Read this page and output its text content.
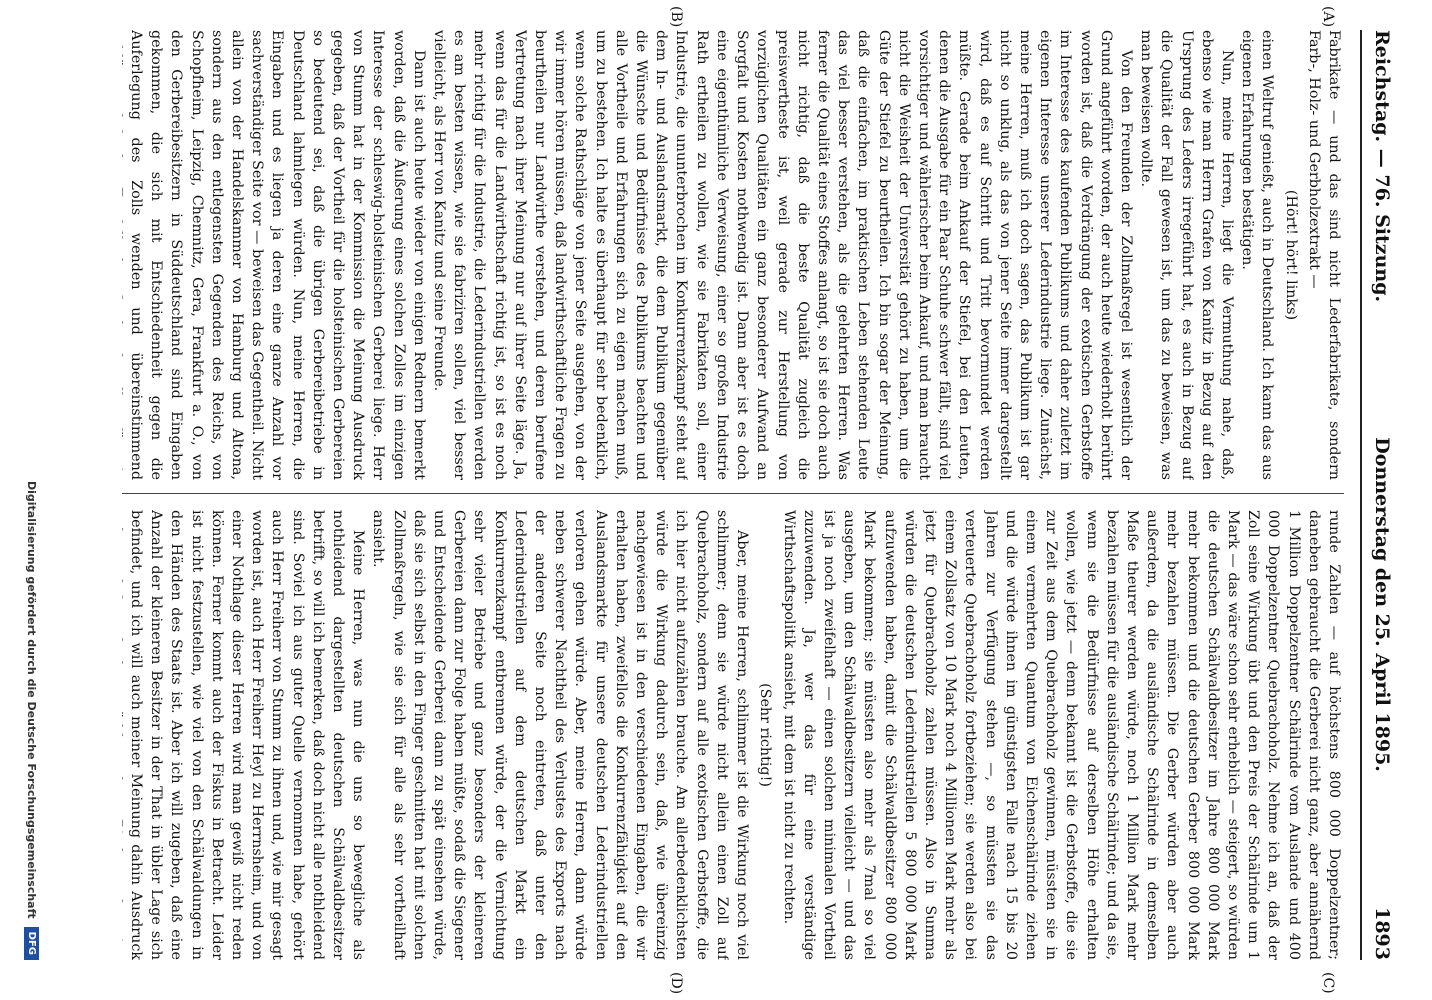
Reichstag. — 76. Sitzung.
Donnerstag den 25. April 1895.
1893
(A)
(B)
(C)
(D)

Fabrikate — und das sind nicht Lederfabrikate, sondern Farb-, Holz- und Gerbholzextrakt —

(Hört! hört! links)

einen Weltruf genießt, auch in Deutschland. Ich kann das aus eigenen Erfahrungen bestätigen.

Nun, meine Herren, liegt die Vermuthung nahe, daß, ebenso wie man Herrn Grafen von Kanitz in Bezug auf den Ursprung des Leders irregeführt hat, es auch in Bezug auf die Qualität der Fall gewesen ist, um das zu beweisen, was man beweisen wollte.

Von den Freunden der Zollmaßregel ist wesentlich der Grund angeführt worden, der auch heute wiederholt berührt worden ist, daß die Verdrängung der exotischen Gerbstoffe im Interesse des kaufenden Publikums und daher zuletzt im eigenen Interesse unserer Lederindustrie liege. Zunächst, meine Herren, muß ich doch sagen, das Publikum ist gar nicht so unklug, als das von jener Seite immer dargestellt wird, daß es auf Schritt und Tritt bevormundet werden müßte. Gerade beim Ankauf der Stiefel, bei den Leuten, denen die Ausgabe für ein Paar Schuhe schwer fällt, sind viel vorsichtiger und wählerischer beim Ankauf, und man braucht nicht die Weisheit der Universität gehört zu haben, um die Güte der Stiefel zu beurtheilen. Ich bin sogar der Meinung, daß die einfachen, im praktischen Leben stehenden Leute das viel besser verstehen, als die gelehrten Herren. Was ferner die Qualität eines Stoffes anlangt, so ist sie doch auch nicht richtig, daß die beste Qualität zugleich die preiswertheste ist, weil gerade zur Herstellung von vorzüglichen Qualitäten ein ganz besonderer Aufwand an Sorgfalt und Kosten nothwendig ist. Dann aber ist es doch eine eigenthümliche Verweisung, einer so großen Industrie Rath ertheilen zu wollen, wie sie Fabrikaten soll, einer Industrie, die ununterbrochen im Konkurrenzkampf steht auf dem In- und Auslandsmarkt, die dem Publikum gegenüber die Wünsche und Bedürfnisse des Publikums beachten und alle Vortheile und Erfahrungen sich zu eigen machen muß, um zu bestehen. Ich halte es überhaupt für sehr bedenklich, wenn solche Rathschläge von jener Seite ausgehen, von der wir immer hören müssen, daß landwirthschaftliche Fragen zu beurtheilen nur Landwirthe verstehen, und deren berufene Vertretung nach ihrer Meinung nur auf ihrer Seite läge. Ja, wenn das für die Landwirthschaft richtig ist, so ist es noch mehr richtig für die Industrie, die Lederindustriellen werden es am besten wissen, wie sie fabriziren sollen, viel besser vielleicht, als Herr von Kanitz und seine Freunde.

Dann ist auch heute wieder von einigen Rednern bemerkt worden, daß die Äußerung eines solchen Zolles im einzigen Interesse der schleswig-holsteinischen Gerberei liege. Herr von Stumm hat in der Kommission die Meinung Ausdruck gegeben, daß der Vortheil für die holsteinischen Gerbereien so bedeutend sei, daß die übrigen Gerbereibetriebe in Deutschland lahmlegen würden. Nun, meine Herren, die Eingaben und es liegen ja deren eine ganze Anzahl vor sachverständiger Seite vor — beweisen das Gegentheil. Nicht allein von der Handelskammer von Hamburg und Altona, sondern aus den entlegensten Gegenden des Reichs, von Schopfheim, Leipzig, Chemnitz, Gera, Frankfurt a. O., von den Gerbereibesitzern in Süddeutschland sind Eingaben gekommen, die sich mit Entschiedenheit gegen die Auferlegung des Zolls wenden und übereinstimmend

runde Zahlen — auf höchstens 800 000 Doppelzentner; daneben gebraucht die Gerberei nicht ganz, aber annähernd 1 Million Doppelzentner Schälrinde vom Auslande und 400 000 Doppelzentner Quebrachoholz. Nehme ich an, daß der Zoll seine Wirkung übt und den Preis der Schälrinde um 1 Mark — das wäre schon sehr erheblich — steigert, so würden die deutschen Schälwaldbesitzer im Jahre 800 000 Mark mehr bekommen und die deutschen Gerber 800 000 Mark mehr bezahlen müssen. Die Gerber würden aber auch außerdem, da die ausländische Schälrinde in demselben Maße theurer werden würde, noch 1 Million Mark mehr bezahlen müssen für die ausländische Schälrinde; und da sie, wenn sie die Bedürfnisse auf derselben Höhe erhalten wollen, wie jetzt — denn bekannt ist die Gerbstoffe, die sie zur Zeit aus dem Quebrachoholz gewinnen, müssten sie in einem vermehrten Quantum von Eichenschälrinde ziehen und die würde ihnen im günstigsten Falle nach 15 bis 20 Jahren zur Verfügung stehen —, so müssten sie das verteuerte Quebrachoholz fortbeziehen; sie werden also bei einem Zollsatz von 10 Mark noch 4 Millionen Mark mehr als jetzt für Quebrachoholz zahlen müssen. Also in Summa würden die deutschen Lederindustriellen 5 800 000 Mark aufzuwenden haben, damit die Schälwaldbesitzer 800 000 Mark bekommen; sie müssten also mehr als 7mal so viel ausgeben, um den Schälwaldbesitzern vielleicht — und das ist ja noch zweifelhaft — einen solchen minimalen Vortheil zuzuwenden. Ja, wer das für eine verständige Wirthschaftspolitik ansieht, mit dem ist nicht zu rechten.

(Sehr richtig!)

Aber, meine Herren, schlimmer ist die Wirkung noch viel schlimmer; denn sie würde nicht allein einen Zoll auf Quebrachoholz, sondern auf alle exotischen Gerbstoffe, die ich hier nicht aufzuzählen brauche. Am allerbedenklichsten würde die Wirkung dadurch sein, daß, wie übereinzig nachgewiesen ist in den verschiedenen Eingaben, die wir erhalten haben, zweifellos die Konkurrenzfähigkeit auf den Auslandsmarkte für unsere deutschen Lederindustriellen verloren gehen würde. Aber, meine Herren, dann würde neben schwerer Nachtheil des Verlustes des Exports nach der anderen Seite noch eintreten, daß unter den Lederindustriellen auf dem deutschen Markt ein Konkurrenzkampf entbrennen würde, der die Vernichtung sehr vieler Betriebe und ganz besonders der kleineren Gerbereien dann zur Folge haben müßte, sodaß die Siegener und Entscheidende Gerberei dann zu spät einsehen würde, daß sie sich selbst in den Finger geschnitten hat mit solchen Zollmaßregeln, wie sie sich für alle als sehr vortheilhaft ansieht.

Meine Herren, was nun die uns so bewegliche als nothleidend dargestellten deutschen Schälwaldbesitzer betrifft, so will ich bemerken, daß doch nicht alle nothleidend sind. Soviel ich aus guter Quelle vernommen habe, gehört auch Herr Freiherr von Stumm zu ihnen und, wie mir gesagt worden ist, auch Herr Freiherr Heyl zu Herrnsheim, und von einer Nothlage dieser Herren wird man gewiß nicht reden können. Ferner kommt auch der Fiskus in Betracht. Leider ist nicht festzustellen, wie viel von den Schälwaldungen in den Händen des Staats ist. Aber ich will zugeben, daß eine Anzahl der kleineren Besitzer in der That in übler Lage sich befindet, und ich will auch meiner Meinung dahin Ausdruck

Digitalisierung gefördert durch die Deutsche Forschungsgemeinschaft
DFG
